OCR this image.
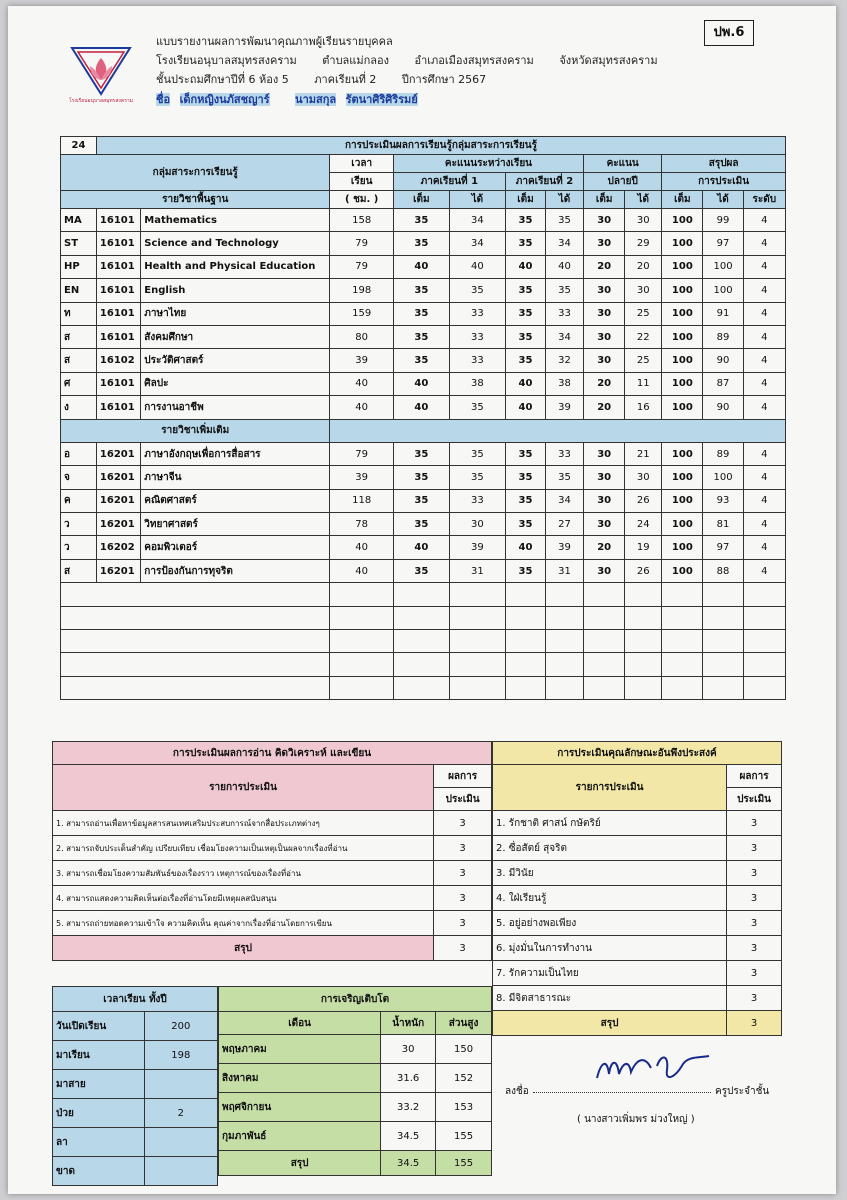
ปพ.6
โรงเรียนอนุบาลสมุทรสงคราม
แบบรายงานผลการพัฒนาคุณภาพผู้เรียนรายบุคคล
โรงเรียนอนุบาลสมุทรสงคราม ตำบลแม่กลอง อำเภอเมืองสมุทรสงคราม จังหวัดสมุทรสงคราม
ชั้นประถมศึกษาปีที่ 6 ห้อง 5 ภาคเรียนที่ 2 ปีการศึกษา 2567
ชื่อ เด็กหญิงนภัสชญาร์ นามสกุล รัตนาศิริศิริรมย์
24	การประเมินผลการเรียนรู้กลุ่มสาระการเรียนรู้											
กลุ่มสาระการเรียนรู้			เวลา	คะแนนระหว่างเรียน				คะแนน		สรุปผล		
			เรียน	ภาคเรียนที่ 1		ภาคเรียนที่ 2		ปลายปี		การประเมิน		
รายวิชาพื้นฐาน			( ชม. )	เต็ม	ได้	เต็ม	ได้	เต็ม	ได้	เต็ม	ได้	ระดับ
MA	16101	Mathematics	158	35	34	35	35	30	30	100	99	4
ST	16101	Science and Technology	79	35	34	35	34	30	29	100	97	4
HP	16101	Health and Physical Education	79	40	40	40	40	20	20	100	100	4
EN	16101	English	198	35	35	35	35	30	30	100	100	4
ท	16101	ภาษาไทย	159	35	33	35	33	30	25	100	91	4
ส	16101	สังคมศึกษา	80	35	33	35	34	30	22	100	89	4
ส	16102	ประวัติศาสตร์	39	35	33	35	32	30	25	100	90	4
ศ	16101	ศิลปะ	40	40	38	40	38	20	11	100	87	4
ง	16101	การงานอาชีพ	40	40	35	40	39	20	16	100	90	4
รายวิชาเพิ่มเติม												
อ	16201	ภาษาอังกฤษเพื่อการสื่อสาร	79	35	35	35	33	30	21	100	89	4
จ	16201	ภาษาจีน	39	35	35	35	35	30	30	100	100	4
ค	16201	คณิตศาสตร์	118	35	33	35	34	30	26	100	93	4
ว	16201	วิทยาศาสตร์	78	35	30	35	27	30	24	100	81	4
ว	16202	คอมพิวเตอร์	40	40	39	40	39	20	19	100	97	4
ส	16201	การป้องกันการทุจริต	40	35	31	35	31	30	26	100	88	4

การประเมินผลการอ่าน คิดวิเคราะห์ และเขียน	
รายการประเมิน	ผลการ
	ประเมิน
1. สามารถอ่านเพื่อหาข้อมูลสารสนเทศเสริมประสบการณ์จากสื่อประเภทต่างๆ	3
2. สามารถจับประเด็นสำคัญ เปรียบเทียบ เชื่อมโยงความเป็นเหตุเป็นผลจากเรื่องที่อ่าน	3
3. สามารถเชื่อมโยงความสัมพันธ์ของเรื่องราว เหตุการณ์ของเรื่องที่อ่าน	3
4. สามารถแสดงความคิดเห็นต่อเรื่องที่อ่านโดยมีเหตุผลสนับสนุน	3
5. สามารถถ่ายทอดความเข้าใจ ความคิดเห็น คุณค่าจากเรื่องที่อ่านโดยการเขียน	3
สรุป	3
การประเมินคุณลักษณะอันพึงประสงค์	
รายการประเมิน	ผลการ
	ประเมิน
1. รักชาติ ศาสน์ กษัตริย์	3
2. ซื่อสัตย์ สุจริต	3
3. มีวินัย	3
4. ใฝ่เรียนรู้	3
5. อยู่อย่างพอเพียง	3
6. มุ่งมั่นในการทำงาน	3
7. รักความเป็นไทย	3
8. มีจิตสาธารณะ	3
สรุป	3
เวลาเรียน ทั้งปี	
วันเปิดเรียน	200
มาเรียน	198
มาสาย	
ป่วย	2
ลา	
ขาด	
การเจริญเติบโต		
เดือน	น้ำหนัก	ส่วนสูง
พฤษภาคม	30	150
สิงหาคม	31.6	152
พฤศจิกายน	33.2	153
กุมภาพันธ์	34.5	155
สรุป	34.5	155
ลงชื่อ	ครูประจำชั้น
( นางสาวเพิ่มพร ม่วงใหญ่ )
